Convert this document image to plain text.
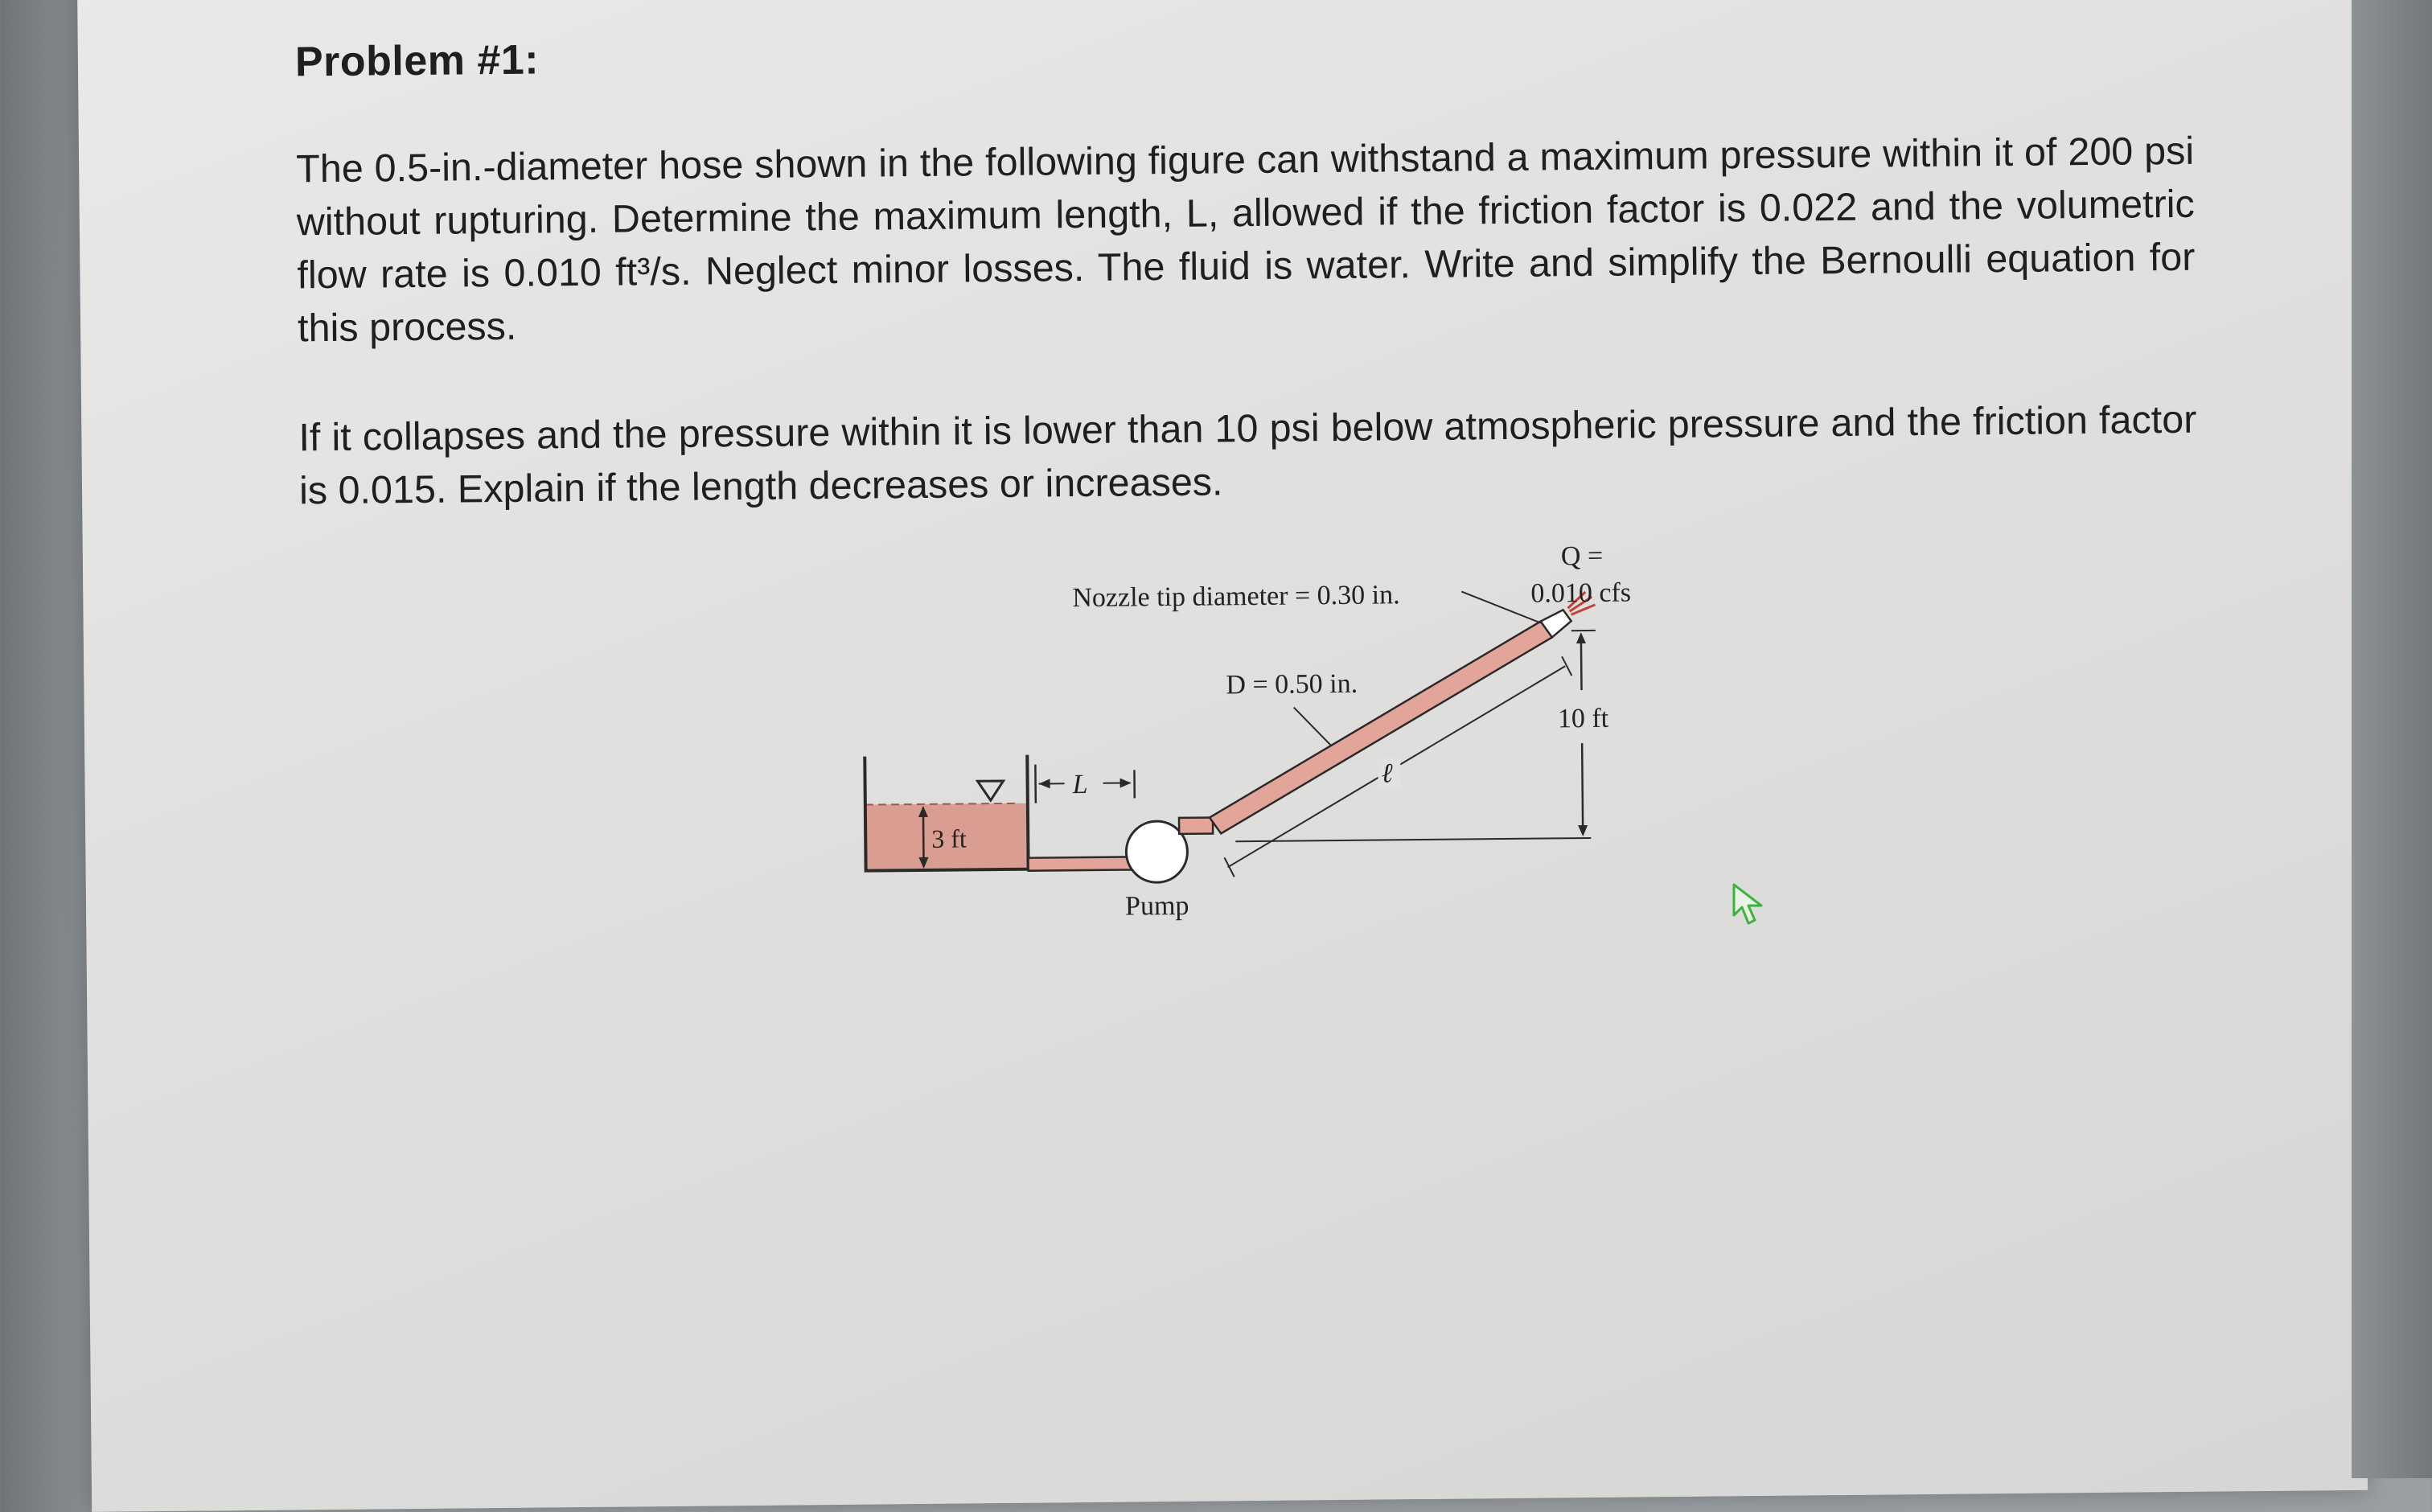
Problem #1:

The 0.5-in.-diameter hose shown in the following figure can withstand a maximum pressure within it of 200 psi without rupturing. Determine the maximum length, L, allowed if the friction factor is 0.022 and the volumetric flow rate is 0.010 ft³/s. Neglect minor losses. The fluid is water. Write and simplify the Bernoulli equation for this process.

If it collapses and the pressure within it is lower than 10 psi below atmospheric pressure and the friction factor is 0.015. Explain if the length decreases or increases.

3 ft
L
Pump
ℓ
10 ft
Nozzle tip diameter = 0.30 in.
Q =
0.010 cfs
D = 0.50 in.
